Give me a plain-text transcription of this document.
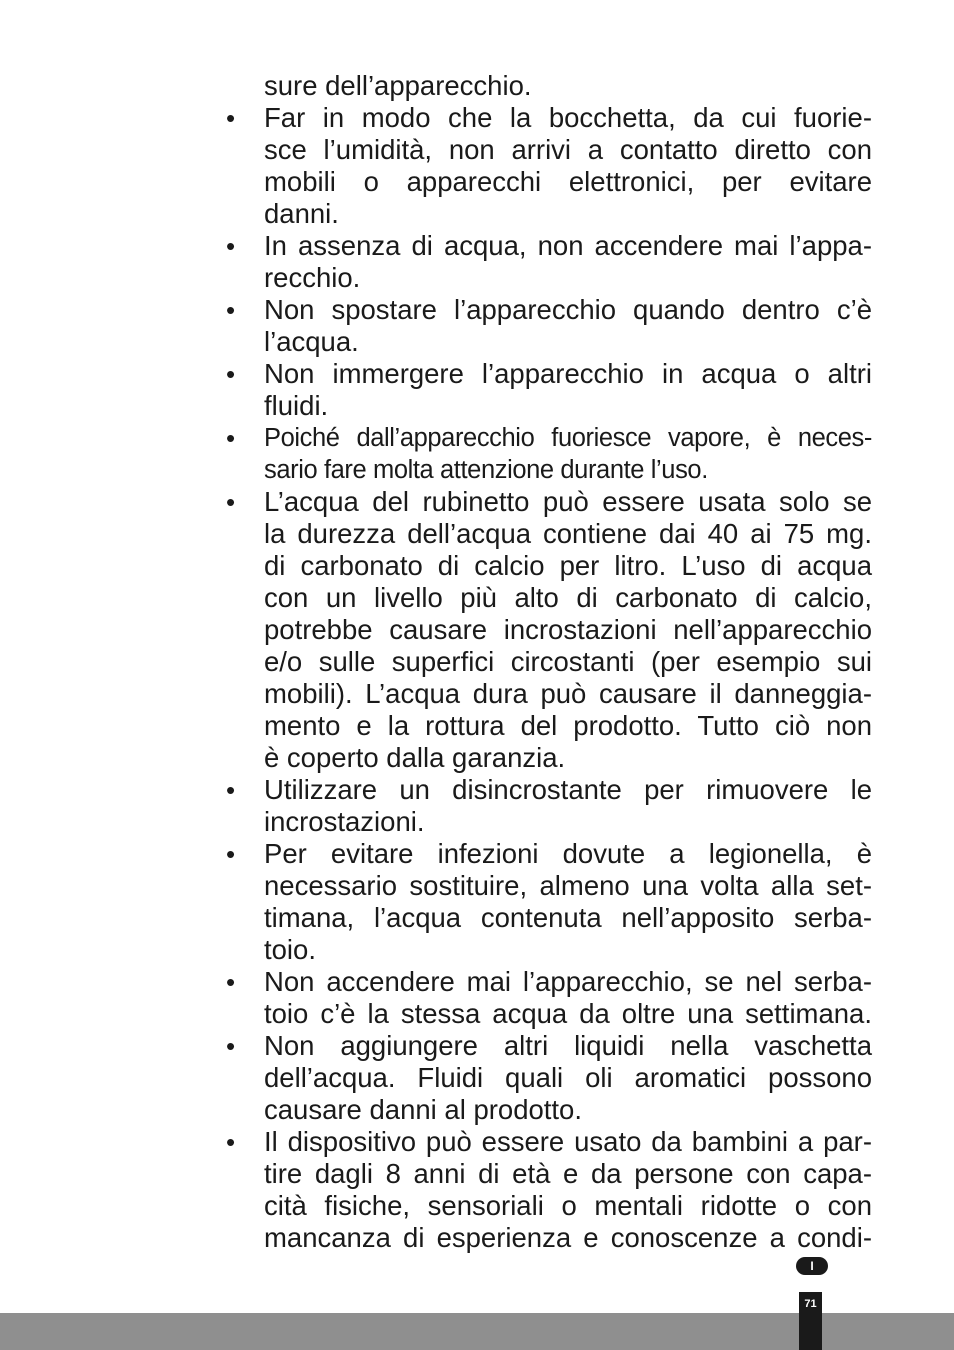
sure dell’apparecchio.
•	Far in modo che la bocchetta, da cui fuorie-
sce l’umidità, non arrivi a contatto diretto con
mobili o apparecchi elettronici, per evitare
danni.
•	In assenza di acqua, non accendere mai l’appa-
recchio.
•	Non spostare l’apparecchio quando dentro c’è
l’acqua.
•	Non immergere l’apparecchio in acqua o altri
fluidi.
•	Poiché dall’apparecchio fuoriesce vapore, è neces-
sario fare molta attenzione durante l’uso.
•	L’acqua del rubinetto può essere usata solo se
la durezza dell’acqua contiene dai 40 ai 75 mg.
di carbonato di calcio per litro. L’uso di acqua
con un livello più alto di carbonato di calcio,
potrebbe causare incrostazioni nell’apparecchio
e/o sulle superfici circostanti (per esempio sui
mobili). L’acqua dura può causare il danneggia-
mento e la rottura del prodotto. Tutto ciò non
è coperto dalla garanzia.
•	Utilizzare un disincrostante per rimuovere le
incrostazioni.
•	Per evitare infezioni dovute a legionella, è
necessario sostituire, almeno una volta alla set-
timana, l’acqua contenuta nell’apposito serba-
toio.
•	Non accendere mai l’apparecchio, se nel serba-
toio c’è la stessa acqua da oltre una settimana.
•	Non aggiungere altri liquidi nella vaschetta
dell’acqua. Fluidi quali oli aromatici possono
causare danni al prodotto.
•	Il dispositivo può essere usato da bambini a par-
tire dagli 8 anni di età e da persone con capa-
cità fisiche, sensoriali o mentali ridotte o con
mancanza di esperienza e conoscenze a condi-
I
71
